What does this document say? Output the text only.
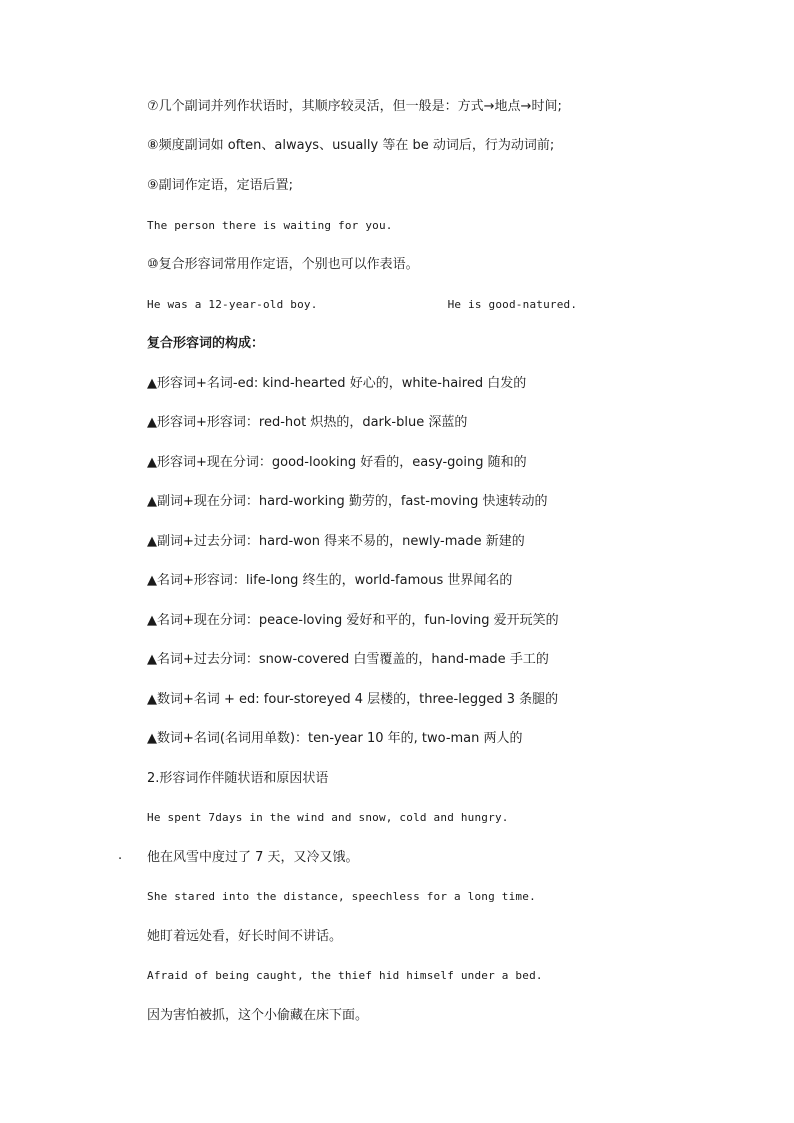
⑦几个副词并列作状语时，其顺序较灵活，但一般是：方式→地点→时间;

⑧频度副词如 often、always、usually 等在 be 动词后，行为动词前;

⑨副词作定语，定语后置;

The person there is waiting for you.

⑩复合形容词常用作定语，个别也可以作表语。

He was a 12-year-old boy.	He is good-natured.

复合形容词的构成：

▲形容词+名词-ed: kind-hearted 好心的，white-haired 白发的

▲形容词+形容词：red-hot 炽热的，dark-blue 深蓝的

▲形容词+现在分词：good-looking 好看的，easy-going 随和的

▲副词+现在分词：hard-working 勤劳的，fast-moving 快速转动的

▲副词+过去分词：hard-won 得来不易的，newly-made 新建的

▲名词+形容词：life-long 终生的，world-famous 世界闻名的

▲名词+现在分词：peace-loving 爱好和平的，fun-loving 爱开玩笑的

▲名词+过去分词：snow-covered 白雪覆盖的，hand-made 手工的

▲数词+名词 + ed: four-storeyed 4 层楼的，three-legged 3 条腿的

▲数词+名词(名词用单数)：ten-year 10 年的, two-man 两人的

2.形容词作伴随状语和原因状语

He spent 7days in the wind and snow, cold and hungry.

. 他在风雪中度过了 7 天，又冷又饿。

She stared into the distance, speechless for a long time.

她盯着远处看，好长时间不讲话。

Afraid of being caught, the thief hid himself under a bed.

因为害怕被抓，这个小偷藏在床下面。
